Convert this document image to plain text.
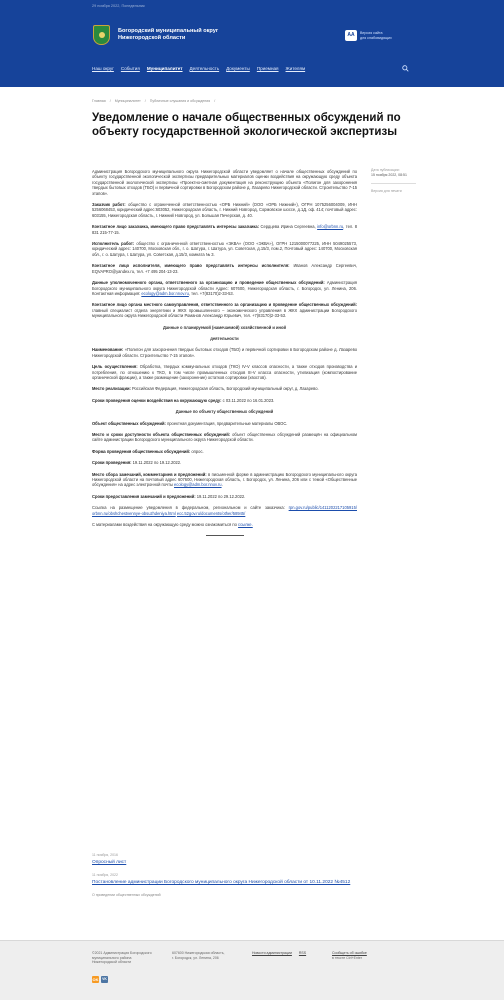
29 ноября 2022, Понедельник
Богородский муниципальный округ
Нижегородской области	AA	Версия сайта
для слабовидящих
Наш округ События Муниципалитет Деятельность Документы Приемная Жителям
Главная / Муниципалитет / Публичные слушания и обсуждения /
Уведомление о начале общественных обсуждений по объекту государственной экологической экспертизы
Дата публикации:
15 ноября 2022, 08:51
Версия для печати

Администрация Богородского муниципального округа Нижегородской области уведомляет о начале общественных обсуждений по объекту государственной экологической экспертизы предварительных материалов оценки воздействия на окружающую среду объекта государственной экологической экспертизы «Проектно-сметная документация на реконструкцию объекта «Полигон для захоронения твердых бытовых отходов (ТБО) и первичной сортировки в Богородском районе д. Лазарево Нижегородской области. Строительство 7-15 этапов».

Заказчик работ: общество с ограниченной ответственностью «ОРБ Нижний» (ООО «ОРБ Нижний»), ОГРН 1075256004009, ИНН 5256068453, юридический адрес:603052, Нижегородская область, г. Нижний Новгород, Сормовское шоссе, д.1Д, оф. 414; почтовый адрес: 603155, Нижегородская область, г. Нижний Новгород, ул. Большая Печерская, д. 40.

Контактное лицо заказчика, имеющего право представлять интересы заказчика: Сердцева Ирина Сергеевна, info@orbnn.ru, тел. 8 831 215-77-15.

Исполнитель работ: общество с ограниченной ответственностью «ЭКВА» (ООО «ЭКВА»), ОГРН 1215000077225, ИНН 5049025573, юридический адрес: 140700, Московская обл., г. о. Шатура, г. Шатура, ул. Советская, д.15/3, пом.2, Почтовый адрес: 140700, Московская обл., г. о. Шатура, г. Шатура, ул. Советская, д.15/3, комната № 3.

Контактное лицо исполнителя, имеющего право представлять интересы исполнителя: Иванов Александр Сергеевич, EQVAPRO@yandex.ru, тел. +7 495 204-13-23.

Данные уполномоченного органа, ответственного за организацию и проведение общественных обсуждений: Администрация Богородского муниципального округа Нижегородской области Адрес: 607600, Нижегородская область, г. Богородск, ул. Ленина, 206. Контактная информация: ecology@adm.bor.nnov.ru, тел. +7(83170)2-33-53.

Контактное лицо органа местного самоуправления, ответственного за организацию и проведение общественных обсуждений: главный специалист отдела энергетики и ЖКХ промышленного – экономического управления в ЖКХ администрации Богородского муниципального округа Нижегородской области Романов Александр Юрьевич, тел. +7(83170)2-33-53.

Данные о планируемой (намечаемой) хозяйственной и иной

деятельности

Наименование: «Полигон для захоронения твердых бытовых отходов (ТБО) и первичной сортировки в Богородском районе д. Лазарево Нижегородской области. Строительство 7-15 этапов».

Цель осуществления: Обработка, твердых коммунальных отходов (ТКО) IV-V классов опасности, а также отходов производства и потребления, по отношению к ТКО, в том числе промышленных отходов III-V класса опасности, утилизация (компостирование органической фракции), а также размещение (захоронение) остатков сортировки (хвостов).

Место реализации: Российская Федерация, Нижегородская область, Богородский муниципальный округ, д. Лазарево.

Сроки проведения оценки воздействия на окружающую среду: с 03.11.2022 по 16.01.2023.

Данные по объекту общественных обсуждений

Объект общественных обсуждений: проектная документация, предварительные материалы ОВОС.

Место и сроки доступности объекта общественных обсуждений: объект общественных обсуждений размещён на официальном сайте администрации Богородского муниципального округа Нижегородской области.

Форма проведения общественных обсуждений: опрос.

Сроки проведения: 19.11.2022 по 19.12.2022.

Место сбора замечаний, комментариев и предложений: в письменной форме в администрацию Богородского муниципального округа Нижегородской области на почтовый адрес 607600, Нижегородская область, г. Богородск, ул. Ленина, 206 или с темой «Общественные обсуждения» на адрес электронной почты ecology@adm.bor.nnov.ru.

Сроки предоставления замечаний и предложений: 19.11.2022 по 29.12.2022.

Ссылка на размещение уведомления в федеральном, региональном и сайте заказчика: rpn.gov.ru/public/1411202217105915/ orbnn.ru/obshchestvennye-obsuzhdeniya.html ecc.52gov.ru/documents/other/58945/

С материалами воздействия на окружающую среду можно ознакомиться по ссылке.

11 ноября, 2016
Опросный лист
11 ноября, 2022
Постановление администрации Богородского муниципального округа Нижегородской области от 10.11.2022 №4512
О проведении общественных обсуждений
©2021 Администрация Богородского
муниципального района
Нижегородской области
607600 Нижегородская область,
г. Богородск, ул. Ленина, 206
Новости администрации RSS	Сообщить об ошибке
в тексте Ctrl+Enter
OK	VK
